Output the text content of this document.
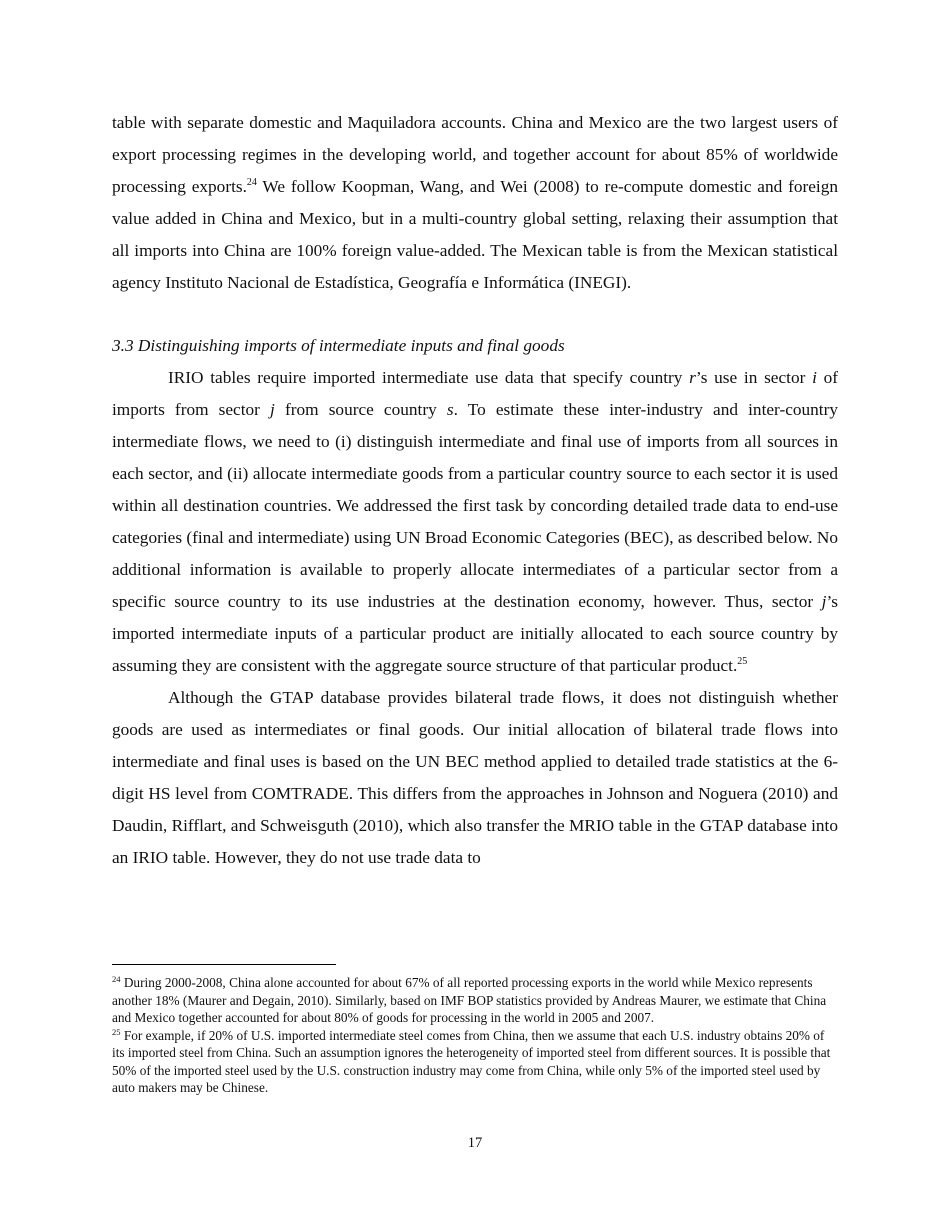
table with separate domestic and Maquiladora accounts. China and Mexico are the two largest users of export processing regimes in the developing world, and together account for about 85% of worldwide processing exports.$^{24}$ We follow Koopman, Wang, and Wei (2008) to re-compute domestic and foreign value added in China and Mexico, but in a multi-country global setting, relaxing their assumption that all imports into China are 100% foreign value-added. The Mexican table is from the Mexican statistical agency Instituto Nacional de Estadística, Geografía e Informática (INEGI).

3.3 Distinguishing imports of intermediate inputs and final goods

IRIO tables require imported intermediate use data that specify country r’s use in sector i of imports from sector j from source country s. To estimate these inter-industry and inter-country intermediate flows, we need to (i) distinguish intermediate and final use of imports from all sources in each sector, and (ii) allocate intermediate goods from a particular country source to each sector it is used within all destination countries. We addressed the first task by concording detailed trade data to end-use categories (final and intermediate) using UN Broad Economic Categories (BEC), as described below. No additional information is available to properly allocate intermediates of a particular sector from a specific source country to its use industries at the destination economy, however. Thus, sector j’s imported intermediate inputs of a particular product are initially allocated to each source country by assuming they are consistent with the aggregate source structure of that particular product.$^{25}$

Although the GTAP database provides bilateral trade flows, it does not distinguish whether goods are used as intermediates or final goods. Our initial allocation of bilateral trade flows into intermediate and final uses is based on the UN BEC method applied to detailed trade statistics at the 6-digit HS level from COMTRADE. This differs from the approaches in Johnson and Noguera (2010) and Daudin, Rifflart, and Schweisguth (2010), which also transfer the MRIO table in the GTAP database into an IRIO table. However, they do not use trade data to

$^{24}$ During 2000-2008, China alone accounted for about 67% of all reported processing exports in the world while Mexico represents another 18% (Maurer and Degain, 2010). Similarly, based on IMF BOP statistics provided by Andreas Maurer, we estimate that China and Mexico together accounted for about 80% of goods for processing in the world in 2005 and 2007.

$^{25}$ For example, if 20% of U.S. imported intermediate steel comes from China, then we assume that each U.S. industry obtains 20% of its imported steel from China. Such an assumption ignores the heterogeneity of imported steel from different sources. It is possible that 50% of the imported steel used by the U.S. construction industry may come from China, while only 5% of the imported steel used by auto makers may be Chinese.

17
